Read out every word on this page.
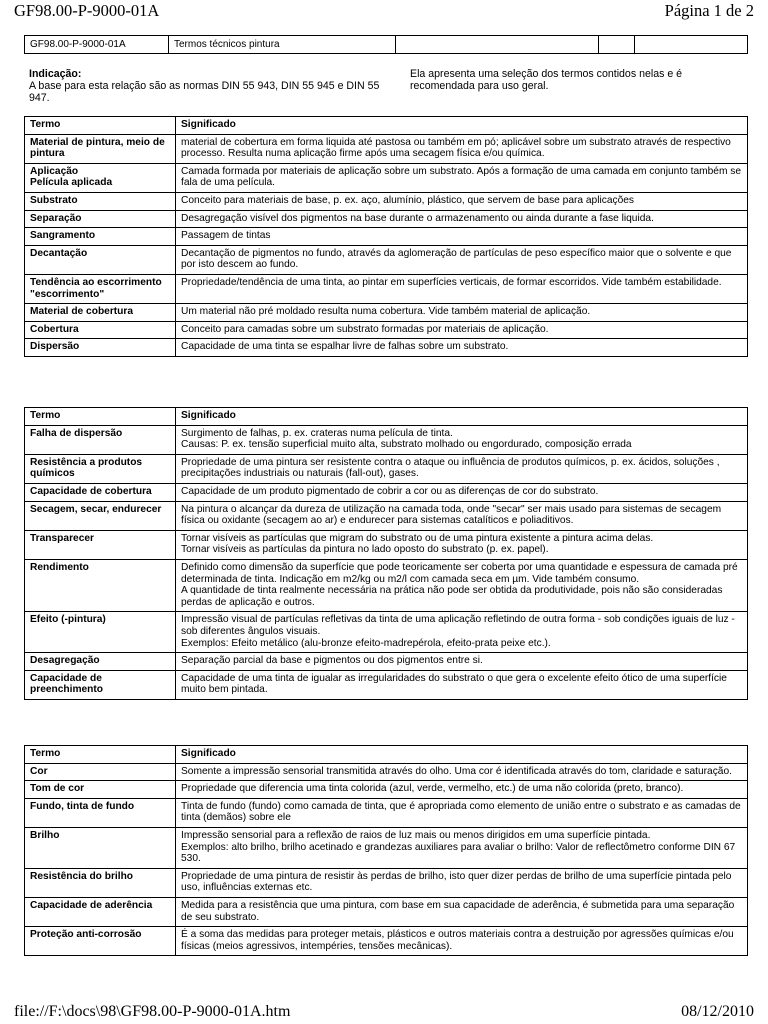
GF98.00-P-9000-01A	Página 1 de 2
GF98.00-P-9000-01A	Termos técnicos pintura			
Indicação:
A base para esta relação são as normas DIN 55 943, DIN 55 945 e DIN 55 947.
Ela apresenta uma seleção dos termos contidos nelas e é recomendada para uso geral.
Termo	Significado
Material de pintura, meio de pintura	material de cobertura em forma liquida até pastosa ou também em pó; aplicável sobre um substrato através de respectivo processo. Resulta numa aplicação firme após uma secagem física e/ou química.
Aplicação
Película aplicada	Camada formada por materiais de aplicação sobre um substrato. Após a formação de uma camada em conjunto também se fala de uma película.
Substrato	Conceito para materiais de base, p. ex. aço, alumínio, plástico, que servem de base para aplicações
Separação	Desagregação visível dos pigmentos na base durante o armazenamento ou ainda durante a fase liquida.
Sangramento	Passagem de tintas
Decantação	Decantação de pigmentos no fundo, através da aglomeração de partículas de peso específico maior que o solvente e que por isto descem ao fundo.
Tendência ao escorrimento "escorrimento"	Propriedade/tendência de uma tinta, ao pintar em superfícies verticais, de formar escorridos. Vide também estabilidade.
Material de cobertura	Um material não pré moldado resulta numa cobertura. Vide também material de aplicação.
Cobertura	Conceito para camadas sobre um substrato formadas por materiais de aplicação.
Dispersão	Capacidade de uma tinta se espalhar livre de falhas sobre um substrato.
Termo	Significado
Falha de dispersão	Surgimento de falhas, p. ex. crateras numa película de tinta.
Causas: P. ex. tensão superficial muito alta, substrato molhado ou engordurado, composição errada
Resistência a produtos químicos	Propriedade de uma pintura ser resistente contra o ataque ou influência de produtos químicos, p. ex. ácidos, soluções , precipitações industriais ou naturais (fall-out), gases.
Capacidade de cobertura	Capacidade de um produto pigmentado de cobrir a cor ou as diferenças de cor do substrato.
Secagem, secar, endurecer	Na pintura o alcançar da dureza de utilização na camada toda, onde "secar" ser mais usado para sistemas de secagem física ou oxidante (secagem ao ar) e endurecer para sistemas catalíticos e poliaditivos.
Transparecer	Tornar visíveis as partículas que migram do substrato ou de uma pintura existente a pintura acima delas.
Tornar visíveis as partículas da pintura no lado oposto do substrato (p. ex. papel).
Rendimento	Definido como dimensão da superfície que pode teoricamente ser coberta por uma quantidade e espessura de camada pré determinada de tinta. Indicação em m2/kg ou m2/l com camada seca em µm. Vide também consumo.
A quantidade de tinta realmente necessária na prática não pode ser obtida da produtividade, pois não são consideradas perdas de aplicação e outros.
Efeito (-pintura)	Impressão visual de partículas refletivas da tinta de uma aplicação refletindo de outra forma - sob condições iguais de luz - sob diferentes ângulos visuais.
Exemplos: Efeito metálico (alu-bronze efeito-madrepérola, efeito-prata peixe etc.).
Desagregação	Separação parcial da base e pigmentos ou dos pigmentos entre si.
Capacidade de preenchimento	Capacidade de uma tinta de igualar as irregularidades do substrato o que gera o excelente efeito ótico de uma superfície muito bem pintada.
Termo	Significado
Cor	Somente a impressão sensorial transmitida através do olho. Uma cor é identificada através do tom, claridade e saturação.
Tom de cor	Propriedade que diferencia uma tinta colorida (azul, verde, vermelho, etc.) de uma não colorida (preto, branco).
Fundo, tinta de fundo	Tinta de fundo (fundo) como camada de tinta, que é apropriada como elemento de união entre o substrato e as camadas de tinta (demãos) sobre ele
Brilho	Impressão sensorial para a reflexão de raios de luz mais ou menos dirigidos em uma superfície pintada.
Exemplos: alto brilho, brilho acetinado e grandezas auxiliares para avaliar o brilho: Valor de reflectômetro conforme DIN 67 530.
Resistência do brilho	Propriedade de uma pintura de resistir às perdas de brilho, isto quer dizer perdas de brilho de uma superfície pintada pelo uso, influências externas etc.
Capacidade de aderência	Medida para a resistência que uma pintura, com base em sua capacidade de aderência, é submetida para uma separação de seu substrato.
Proteção anti-corrosão	É a soma das medidas para proteger metais, plásticos e outros materiais contra a destruição por agressões químicas e/ou físicas (meios agressivos, intempéries, tensões mecânicas).
file://F:\docs\98\GF98.00-P-9000-01A.htm	08/12/2010
